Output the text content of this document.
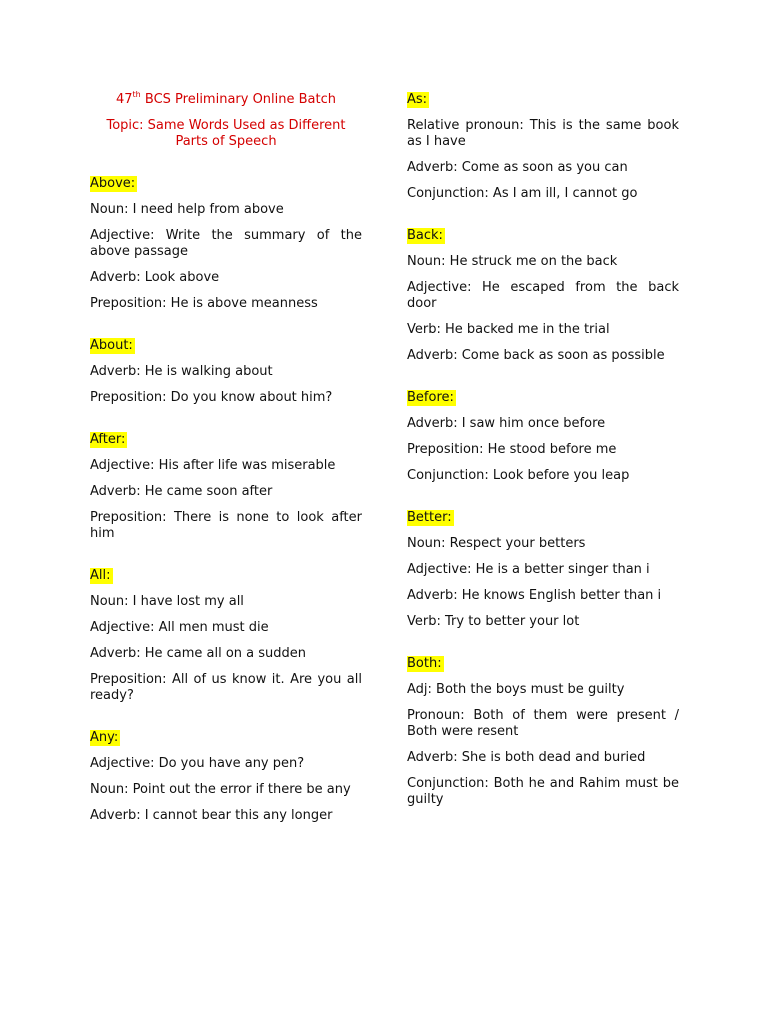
47th BCS Preliminary Online Batch

Topic: Same Words Used as Different Parts of Speech

Above:

Noun: I need help from above

Adjective: Write the summary of the above passage

Adverb: Look above

Preposition: He is above meanness

About:

Adverb: He is walking about

Preposition: Do you know about him?

After:

Adjective: His after life was miserable

Adverb: He came soon after

Preposition: There is none to look after him

All:

Noun: I have lost my all

Adjective: All men must die

Adverb: He came all on a sudden

Preposition: All of us know it. Are you all ready?

Any:

Adjective: Do you have any pen?

Noun: Point out the error if there be any

Adverb: I cannot bear this any longer

As:

Relative pronoun: This is the same book as I have

Adverb: Come as soon as you can

Conjunction: As I am ill, I cannot go

Back:

Noun: He struck me on the back

Adjective: He escaped from the back door

Verb: He backed me in the trial

Adverb: Come back as soon as possible

Before:

Adverb: I saw him once before

Preposition: He stood before me

Conjunction: Look before you leap

Better:

Noun: Respect your betters

Adjective: He is a better singer than i

Adverb: He knows English better than i

Verb: Try to better your lot

Both:

Adj: Both the boys must be guilty

Pronoun: Both of them were present / Both were resent

Adverb: She is both dead and buried

Conjunction: Both he and Rahim must be guilty
